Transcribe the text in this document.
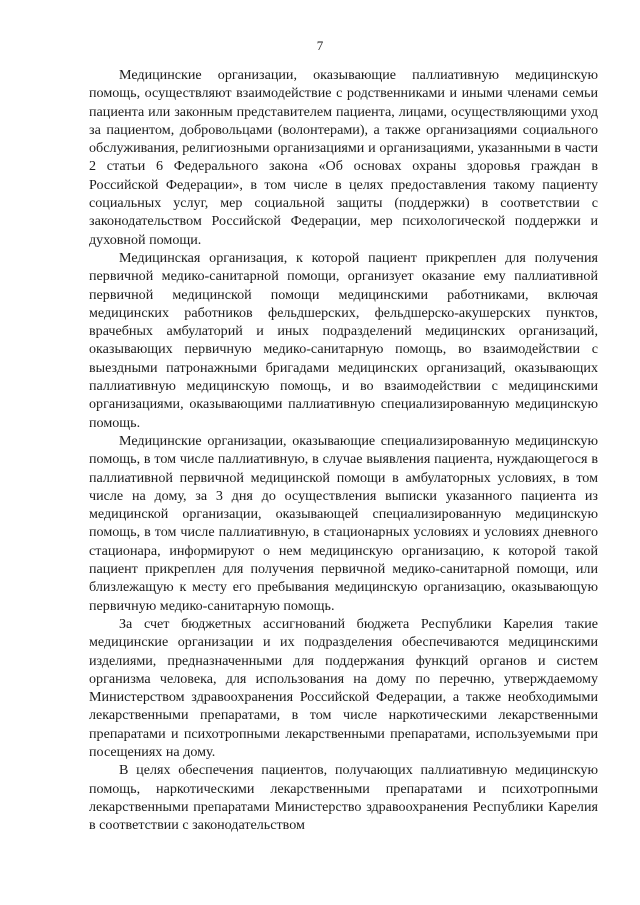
7

Медицинские организации, оказывающие паллиативную медицинскую помощь, осуществляют взаимодействие с родственниками и иными членами семьи пациента или законным представителем пациента, лицами, осуществляющими уход за пациентом, добровольцами (волонтерами), а также организациями социального обслуживания, религиозными организациями и организациями, указанными в части 2 статьи 6 Федерального закона «Об основах охраны здоровья граждан в Российской Федерации», в том числе в целях предоставления такому пациенту социальных услуг, мер социальной защиты (поддержки) в соответствии с законодательством Российской Федерации, мер психологической поддержки и духовной помощи.

Медицинская организация, к которой пациент прикреплен для получения первичной медико-санитарной помощи, организует оказание ему паллиативной первичной медицинской помощи медицинскими работниками, включая медицинских работников фельдшерских, фельдшерско-акушерских пунктов, врачебных амбулаторий и иных подразделений медицинских организаций, оказывающих первичную медико-санитарную помощь, во взаимодействии с выездными патронажными бригадами медицинских организаций, оказывающих паллиативную медицинскую помощь, и во взаимодействии с медицинскими организациями, оказывающими паллиативную специализированную медицинскую помощь.

Медицинские организации, оказывающие специализированную медицинскую помощь, в том числе паллиативную, в случае выявления пациента, нуждающегося в паллиативной первичной медицинской помощи в амбулаторных условиях, в том числе на дому, за 3 дня до осуществления выписки указанного пациента из медицинской организации, оказывающей специализированную медицинскую помощь, в том числе паллиативную, в стационарных условиях и условиях дневного стационара, информируют о нем медицинскую организацию, к которой такой пациент прикреплен для получения первичной медико-санитарной помощи, или близлежащую к месту его пребывания медицинскую организацию, оказывающую первичную медико-санитарную помощь.

За счет бюджетных ассигнований бюджета Республики Карелия такие медицинские организации и их подразделения обеспечиваются медицинскими изделиями, предназначенными для поддержания функций органов и систем организма человека, для использования на дому по перечню, утверждаемому Министерством здравоохранения Российской Федерации, а также необходимыми лекарственными препаратами, в том числе наркотическими лекарственными препаратами и психотропными лекарственными препаратами, используемыми при посещениях на дому.

В целях обеспечения пациентов, получающих паллиативную медицинскую помощь, наркотическими лекарственными препаратами и психотропными лекарственными препаратами Министерство здравоохранения Республики Карелия в соответствии с законодательством
